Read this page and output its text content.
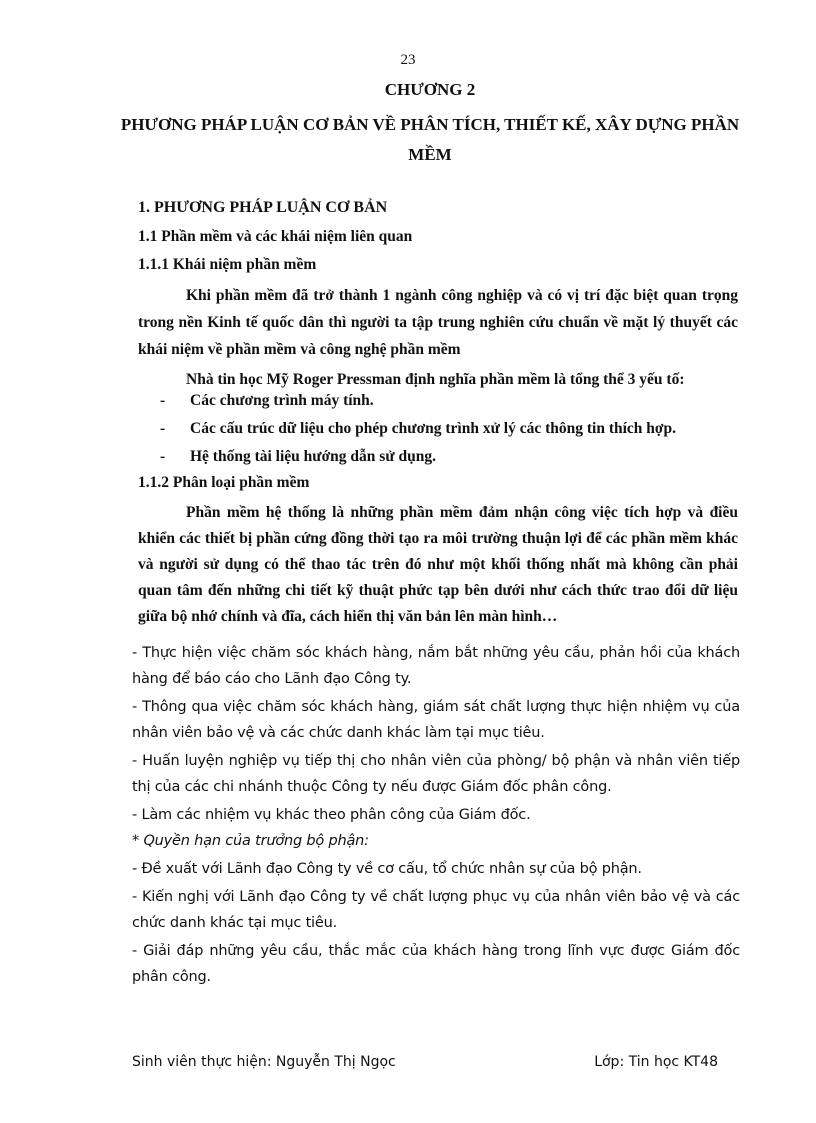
23
CHƯƠNG 2
PHƯƠNG PHÁP LUẬN CƠ BẢN VỀ PHÂN TÍCH, THIẾT KẾ, XÂY DỰNG PHẦN MỀM
1. PHƯƠNG PHÁP LUẬN CƠ BẢN
1.1 Phần mềm và các khái niệm liên quan
1.1.1 Khái niệm phần mềm
Khi phần mềm đã trở thành 1 ngành công nghiệp và có vị trí đặc biệt quan trọng trong nền Kinh tế quốc dân thì người ta tập trung nghiên cứu chuẩn về mặt lý thuyết các khái niệm về phần mềm và công nghệ phần mềm
Nhà tin học Mỹ Roger Pressman định nghĩa phần mềm là tổng thể 3 yếu tố:
- Các chương trình máy tính.
- Các cấu trúc dữ liệu cho phép chương trình xử lý các thông tin thích hợp.
- Hệ thống tài liệu hướng dẫn sử dụng.
1.1.2 Phân loại phần mềm
Phần mềm hệ thống là những phần mềm đảm nhận công việc tích hợp và điều khiển các thiết bị phần cứng đồng thời tạo ra môi trường thuận lợi để các phần mềm khác và người sử dụng có thể thao tác trên đó như một khối thống nhất mà không cần phải quan tâm đến những chi tiết kỹ thuật phức tạp bên dưới như cách thức trao đổi dữ liệu giữa bộ nhớ chính và đĩa, cách hiển thị văn bản lên màn hình…
- Thực hiện việc chăm sóc khách hàng, nắm bắt những yêu cầu, phản hồi của khách hàng để báo cáo cho Lãnh đạo Công ty.
- Thông qua việc chăm sóc khách hàng, giám sát chất lượng thực hiện nhiệm vụ của nhân viên bảo vệ và các chức danh khác làm tại mục tiêu.
- Huấn luyện nghiệp vụ tiếp thị cho nhân viên của phòng/ bộ phận và nhân viên tiếp thị của các chi nhánh thuộc Công ty nếu được Giám đốc phân công.
- Làm các nhiệm vụ khác theo phân công của Giám đốc.
* Quyền hạn của trưởng bộ phận:
- Đề xuất với Lãnh đạo Công ty về cơ cấu, tổ chức nhân sự của bộ phận.
- Kiến nghị với Lãnh đạo Công ty về chất lượng phục vụ của nhân viên bảo vệ và các chức danh khác tại mục tiêu.
- Giải đáp những yêu cầu, thắc mắc của khách hàng trong lĩnh vực được Giám đốc phân công.
Sinh viên thực hiện: Nguyễn Thị Ngọc	Lớp: Tin học KT48
